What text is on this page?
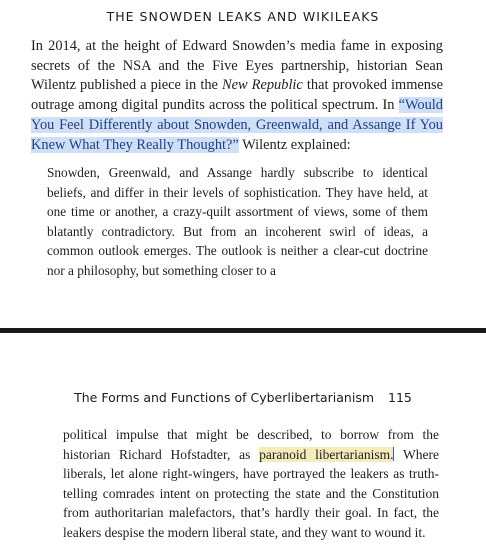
THE SNOWDEN LEAKS AND WIKILEAKS

In 2014, at the height of Edward Snowden’s media fame in exposing secrets of the NSA and the Five Eyes partnership, historian Sean Wilentz published a piece in the New Republic that provoked immense outrage among digital pundits across the political spectrum. In “Would You Feel Differently about Snowden, Greenwald, and Assange If You Knew What They Really Thought?” Wilentz explained:

Snowden, Greenwald, and Assange hardly subscribe to identical beliefs, and differ in their levels of sophistication. They have held, at one time or another, a crazy-quilt assortment of views, some of them blatantly contradictory. But from an incoherent swirl of ideas, a common outlook emerges. The outlook is neither a clear-cut doctrine nor a philosophy, but something closer to a

The Forms and Functions of Cyberlibertarianism 115

political impulse that might be described, to borrow from the historian Richard Hofstadter, as paranoid libertarianism. Where liberals, let alone right-wingers, have portrayed the leakers as truth-telling comrades intent on protecting the state and the Constitution from authoritarian malefactors, that’s hardly their goal. In fact, the leakers despise the modern liberal state, and they want to wound it.
